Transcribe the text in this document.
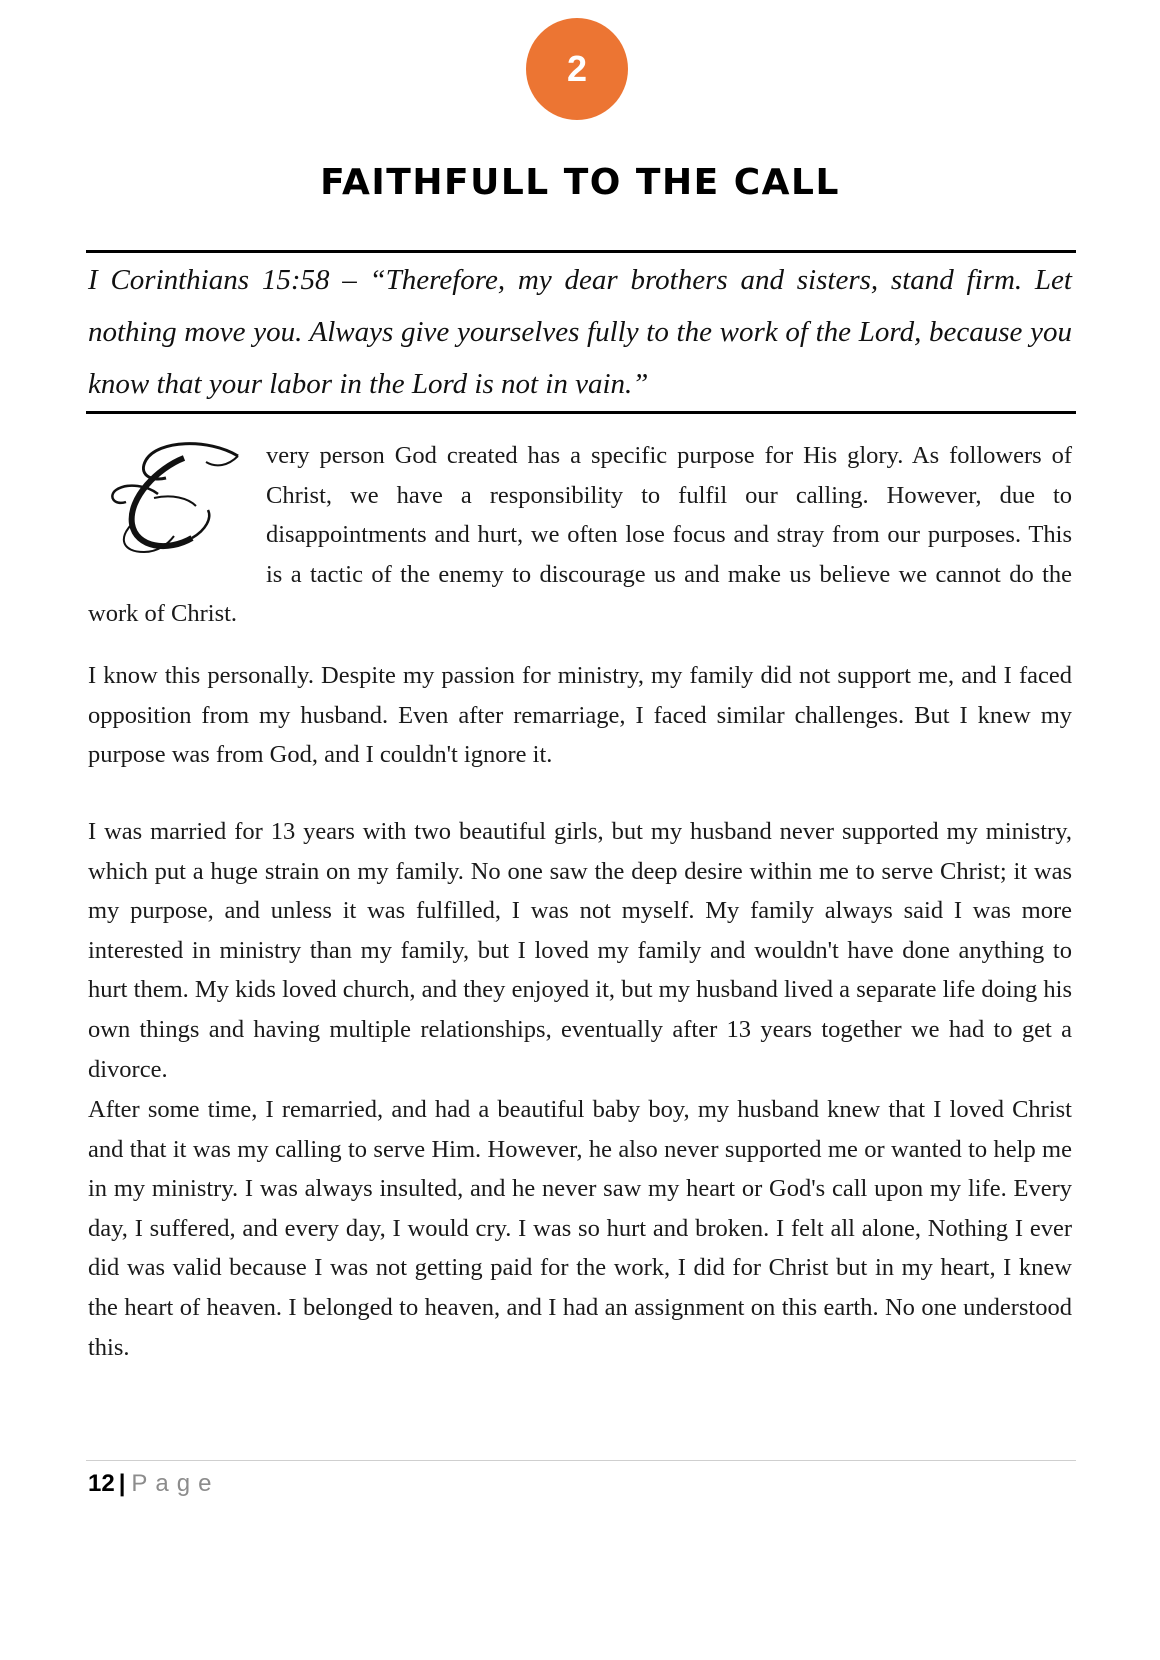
2
FAITHFULL TO THE CALL

I Corinthians 15:58 – “Therefore, my dear brothers and sisters, stand firm. Let nothing move you. Always give yourselves fully to the work of the Lord, because you know that your labor in the Lord is not in vain.”

very person God created has a specific purpose for His glory. As followers of Christ, we have a responsibility to fulfil our calling. However, due to disappointments and hurt, we often lose focus and stray from our purposes. This is a tactic of the enemy to discourage us and make us believe we cannot do the work of Christ.

I know this personally. Despite my passion for ministry, my family did not support me, and I faced opposition from my husband. Even after remarriage, I faced similar challenges. But I knew my purpose was from God, and I couldn't ignore it.

I was married for 13 years with two beautiful girls, but my husband never supported my ministry, which put a huge strain on my family. No one saw the deep desire within me to serve Christ; it was my purpose, and unless it was fulfilled, I was not myself. My family always said I was more interested in ministry than my family, but I loved my family and wouldn't have done anything to hurt them. My kids loved church, and they enjoyed it, but my husband lived a separate life doing his own things and having multiple relationships, eventually after 13 years together we had to get a divorce.

After some time, I remarried, and had a beautiful baby boy, my husband knew that I loved Christ and that it was my calling to serve Him. However, he also never supported me or wanted to help me in my ministry. I was always insulted, and he never saw my heart or God's call upon my life. Every day, I suffered, and every day, I would cry. I was so hurt and broken. I felt all alone, Nothing I ever did was valid because I was not getting paid for the work, I did for Christ but in my heart, I knew the heart of heaven. I belonged to heaven, and I had an assignment on this earth. No one understood this.

12 | Page
